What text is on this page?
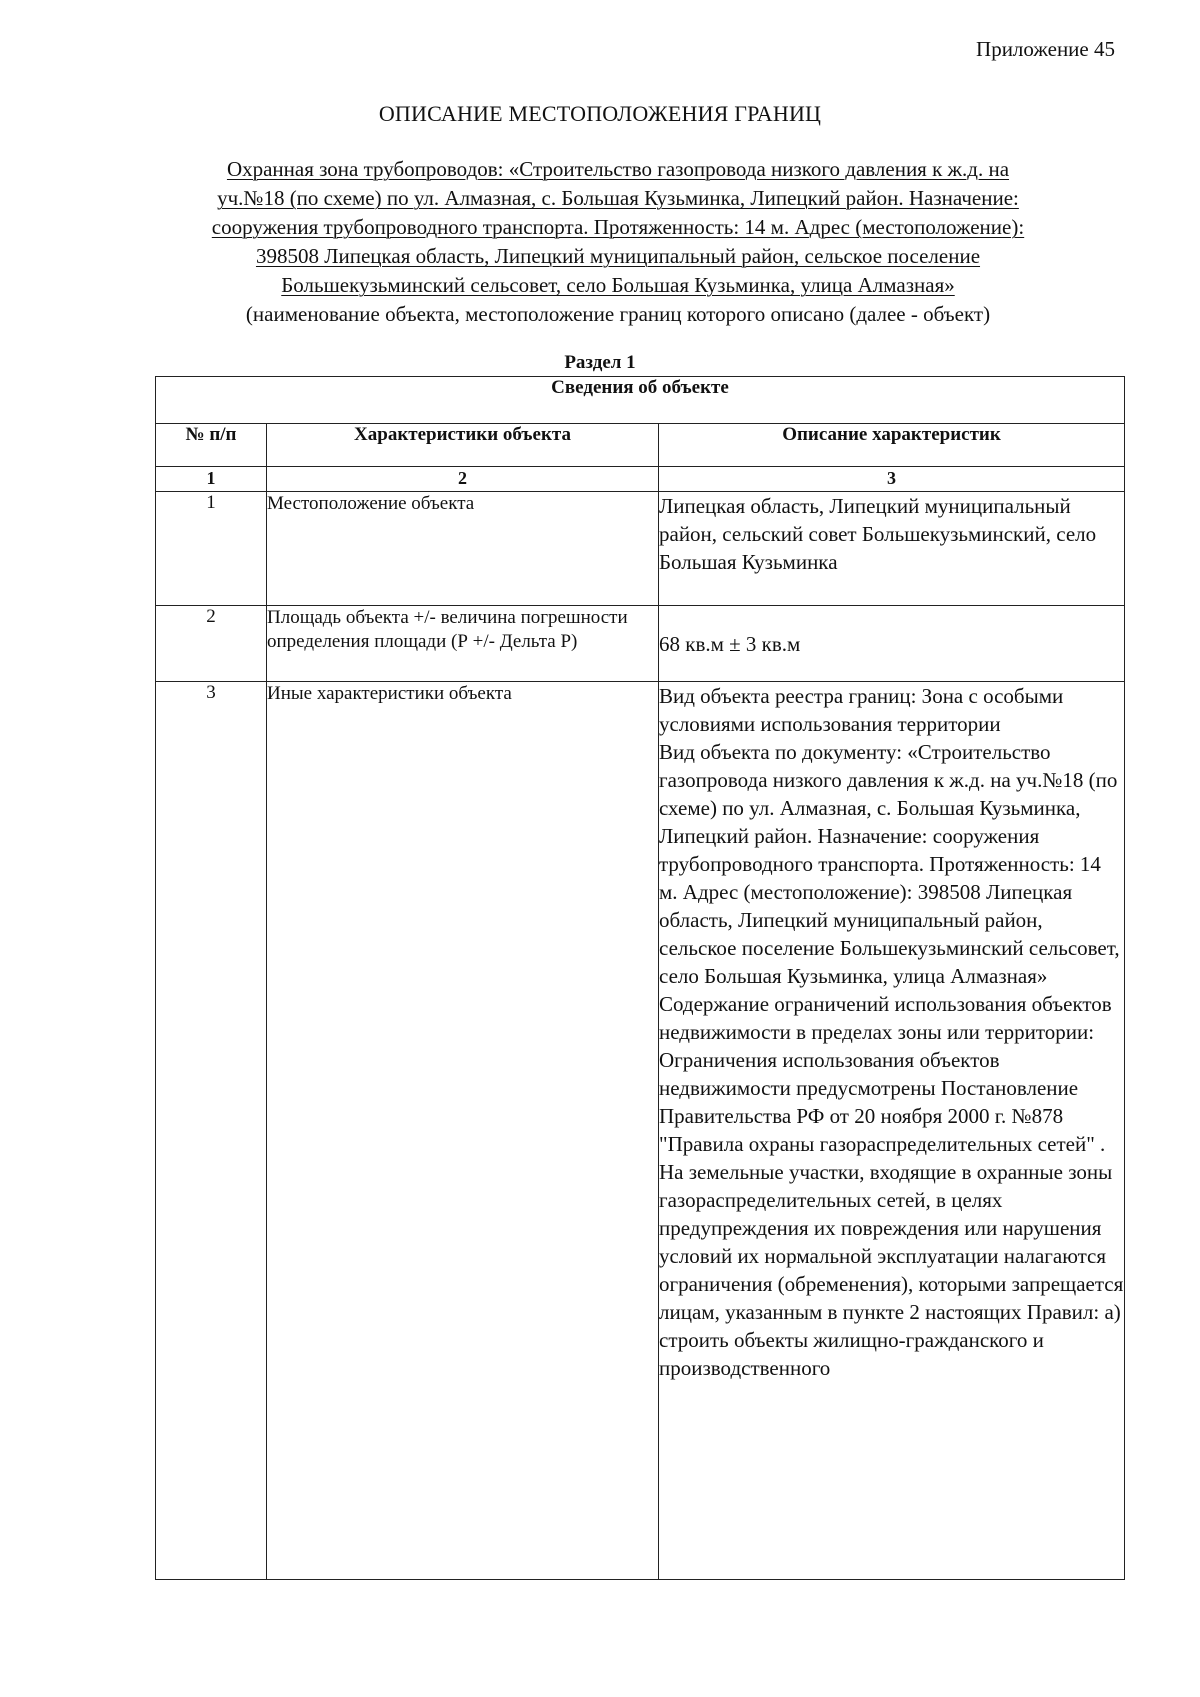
Приложение 45
ОПИСАНИЕ МЕСТОПОЛОЖЕНИЯ ГРАНИЦ
Охранная зона трубопроводов: «Строительство газопровода низкого давления к ж.д. на
уч.№18 (по схеме) по ул. Алмазная, с. Большая Кузьминка, Липецкий район. Назначение:
сооружения трубопроводного транспорта. Протяженность: 14 м. Адрес (местоположение):
398508 Липецкая область, Липецкий муниципальный район, сельское поселение
Большекузьминский сельсовет, село Большая Кузьминка, улица Алмазная»
(наименование объекта, местоположение границ которого описано (далее - объект)
Раздел 1
Сведения об объекте		
№ п/п	Характеристики объекта	Описание характеристик
1	2	3
1	Местоположение объекта	Липецкая область, Липецкий муниципальный район, сельский совет Большекузьминский, село Большая Кузьминка
2	Площадь объекта +/- величина погрешности определения площади (Р +/- Дельта Р)	68 кв.м ± 3 кв.м
3	Иные характеристики объекта	Вид объекта реестра границ: Зона с особыми условиями использования территории
Вид объекта по документу: «Строительство газопровода низкого давления к ж.д. на уч.№18 (по схеме) по ул. Алмазная, с. Большая Кузьминка, Липецкий район. Назначение: сооружения трубопроводного транспорта. Протяженность: 14 м. Адрес (местоположение): 398508 Липецкая область, Липецкий муниципальный район, сельское поселение Большекузьминский сельсовет, село Большая Кузьминка, улица Алмазная»
Содержание ограничений использования объектов недвижимости в пределах зоны или территории: Ограничения использования объектов недвижимости предусмотрены Постановление Правительства РФ от 20 ноября 2000 г. №878 "Правила охраны газораспределительных сетей" . На земельные участки, входящие в охранные зоны газораспределительных сетей, в целях предупреждения их повреждения или нарушения условий их нормальной эксплуатации налагаются ограничения (обременения), которыми запрещается лицам, указанным в пункте 2 настоящих Правил: а) строить объекты жилищно-гражданского и производственного
